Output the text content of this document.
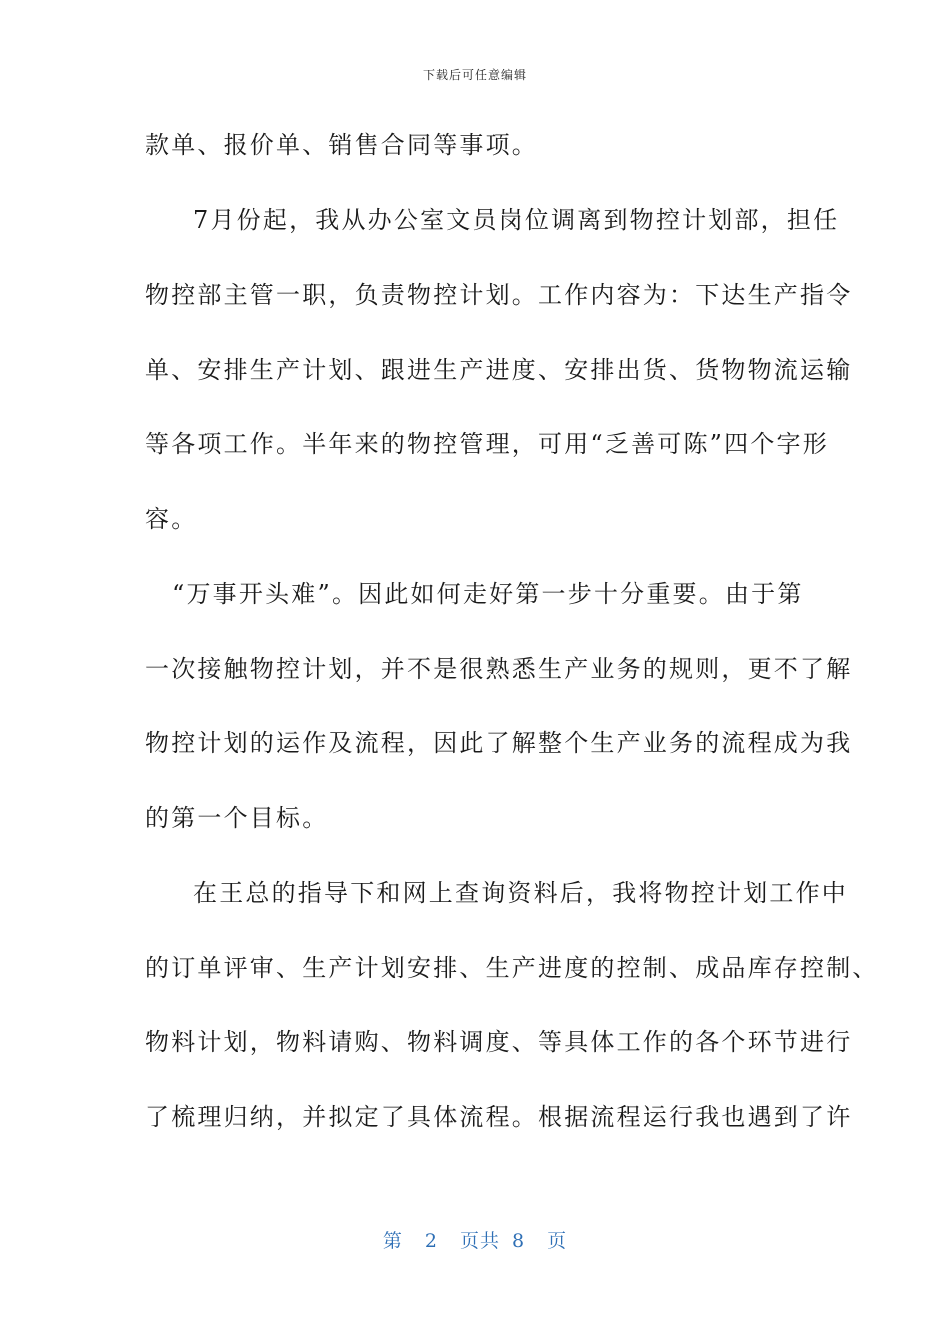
下载后可任意编辑
款单、报价单、销售合同等事项。
7月份起，我从办公室文员岗位调离到物控计划部，担任
物控部主管一职，负责物控计划。工作内容为：下达生产指令
单、安排生产计划、跟进生产进度、安排出货、货物物流运输
等各项工作。半年来的物控管理，可用“乏善可陈”四个字形
容。
“万事开头难”。因此如何走好第一步十分重要。由于第
一次接触物控计划，并不是很熟悉生产业务的规则，更不了解
物控计划的运作及流程，因此了解整个生产业务的流程成为我
的第一个目标。
在王总的指导下和网上查询资料后，我将物控计划工作中
的订单评审、生产计划安排、生产进度的控制、成品库存控制、
物料计划，物料请购、物料调度、等具体工作的各个环节进行
了梳理归纳，并拟定了具体流程。根据流程运行我也遇到了许
第 2 页共 8 页
